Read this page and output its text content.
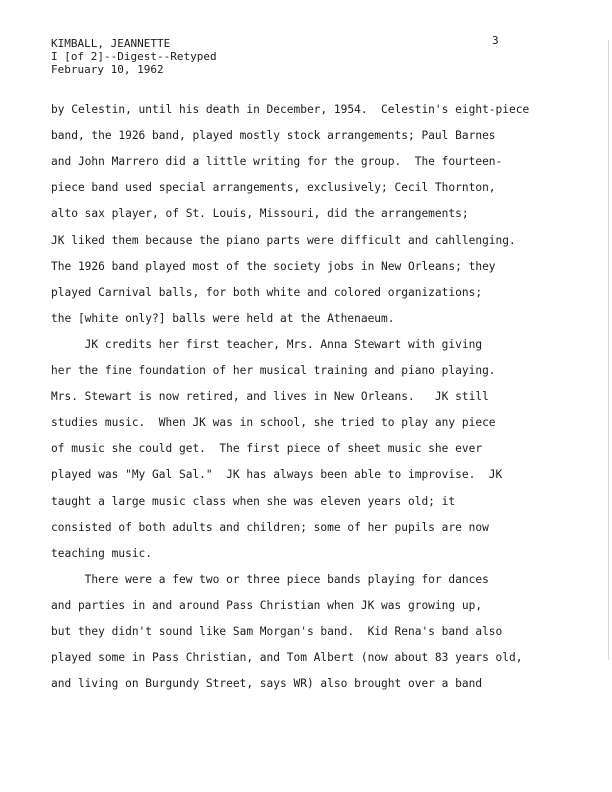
KIMBALL, JEANNETTE
I [of 2]--Digest--Retyped
February 10, 1962
3
by Celestin, until his death in December, 1954.  Celestin's eight-piece
band, the 1926 band, played mostly stock arrangements; Paul Barnes
and John Marrero did a little writing for the group.  The fourteen-
piece band used special arrangements, exclusively; Cecil Thornton,
alto sax player, of St. Louis, Missouri, did the arrangements;
JK liked them because the piano parts were difficult and cahllenging.
The 1926 band played most of the society jobs in New Orleans; they
played Carnival balls, for both white and colored organizations;
the [white only?] balls were held at the Athenaeum.
JK credits her first teacher, Mrs. Anna Stewart with giving
her the fine foundation of her musical training and piano playing.
Mrs. Stewart is now retired, and lives in New Orleans.   JK still
studies music.  When JK was in school, she tried to play any piece
of music she could get.  The first piece of sheet music she ever
played was "My Gal Sal."  JK has always been able to improvise.  JK
taught a large music class when she was eleven years old; it
consisted of both adults and children; some of her pupils are now
teaching music.
There were a few two or three piece bands playing for dances
and parties in and around Pass Christian when JK was growing up,
but they didn't sound like Sam Morgan's band.  Kid Rena's band also
played some in Pass Christian, and Tom Albert (now about 83 years old,
and living on Burgundy Street, says WR) also brought over a band
